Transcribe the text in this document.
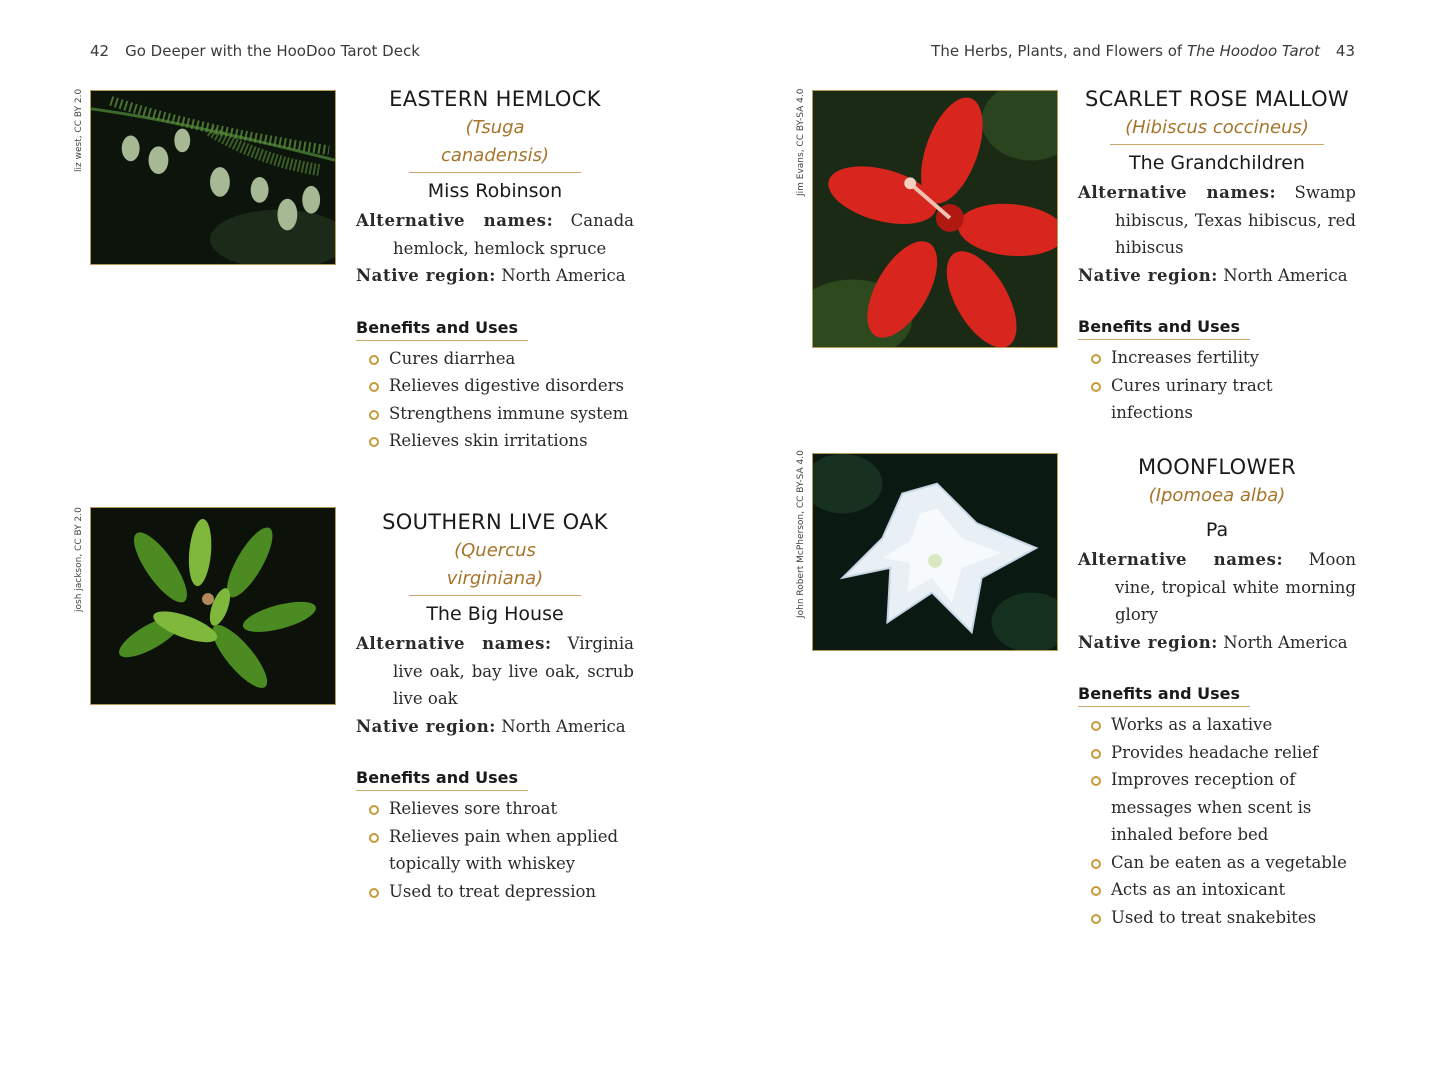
42 Go Deeper with the HooDoo Tarot Deck	The Herbs, Plants, and Flowers of The Hoodoo Tarot 43
liz west, CC BY 2.0	EASTERN HEMLOCK
(Tsuga canadensis)
Miss Robinson
Alternative names: Canada hemlock, hemlock spruce
Native region: North America
Benefits and Uses
Cures diarrhea
Relieves digestive disorders
Strengthens immune system
Relieves skin irritations
josh jackson, CC BY 2.0	SOUTHERN LIVE OAK
(Quercus virginiana)
The Big House
Alternative names: Virginia live oak, bay live oak, scrub live oak
Native region: North America
Benefits and Uses
Relieves sore throat
Relieves pain when applied topically with whiskey
Used to treat depression
Jim Evans, CC BY-SA 4.0	SCARLET ROSE MALLOW
(Hibiscus coccineus)
The Grandchildren
Alternative names: Swamp hibiscus, Texas hibiscus, red hibiscus
Native region: North America
Benefits and Uses
Increases fertility
Cures urinary tract infections
John Robert McPherson, CC BY-SA 4.0	MOONFLOWER
(Ipomoea alba)
Pa
Alternative names: Moon vine, tropical white morning glory
Native region: North America
Benefits and Uses
Works as a laxative
Provides headache relief
Improves reception of messages when scent is inhaled before bed
Can be eaten as a vegetable
Acts as an intoxicant
Used to treat snakebites
